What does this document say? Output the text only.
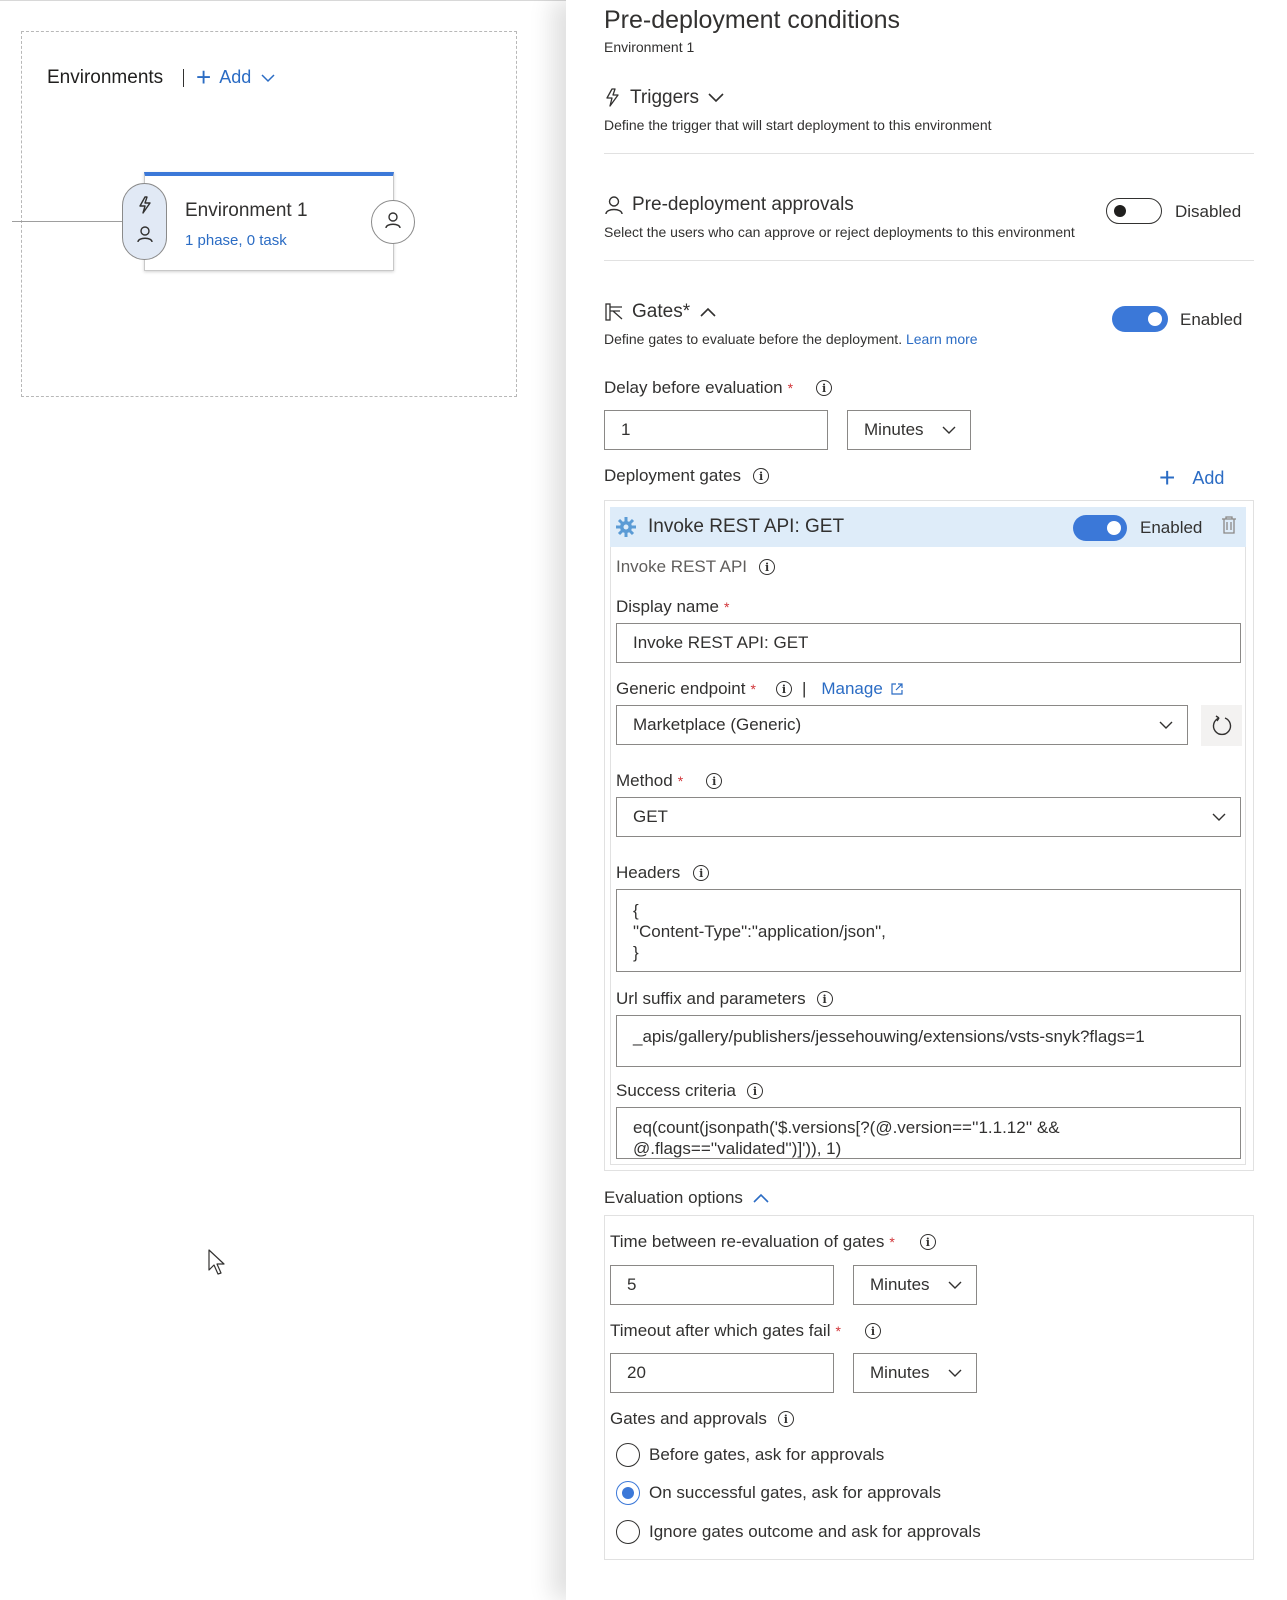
Environments + Add
Environment 1
1 phase, 0 task
Pre-deployment conditions
Environment 1
Triggers
Define the trigger that will start deployment to this environment
Pre-deployment approvals
Select the users who can approve or reject deployments to this environment
Disabled
Gates*
Define gates to evaluate before the deployment. Learn more
Enabled
Delay before evaluation *	i
1	Minutes
Deployment gates	i	+ Add
Invoke REST API: GET	Enabled
Invoke REST API	i
Display name *
Invoke REST API: GET
Generic endpoint *	i | Manage
Marketplace (Generic)
Method *	i
GET
Headers	i
{
"Content-Type":"application/json",
}
Url suffix and parameters	i
_apis/gallery/publishers/jessehouwing/extensions/vsts-snyk?flags=1
Success criteria	i
eq(count(jsonpath('$.versions[?(@.version==''1.1.12'' &&
@.flags==''validated'')]')), 1)
Evaluation options
Time between re-evaluation of gates *	i
5	Minutes
Timeout after which gates fail *	i
20	Minutes
Gates and approvals	i
Before gates, ask for approvals
On successful gates, ask for approvals
Ignore gates outcome and ask for approvals
